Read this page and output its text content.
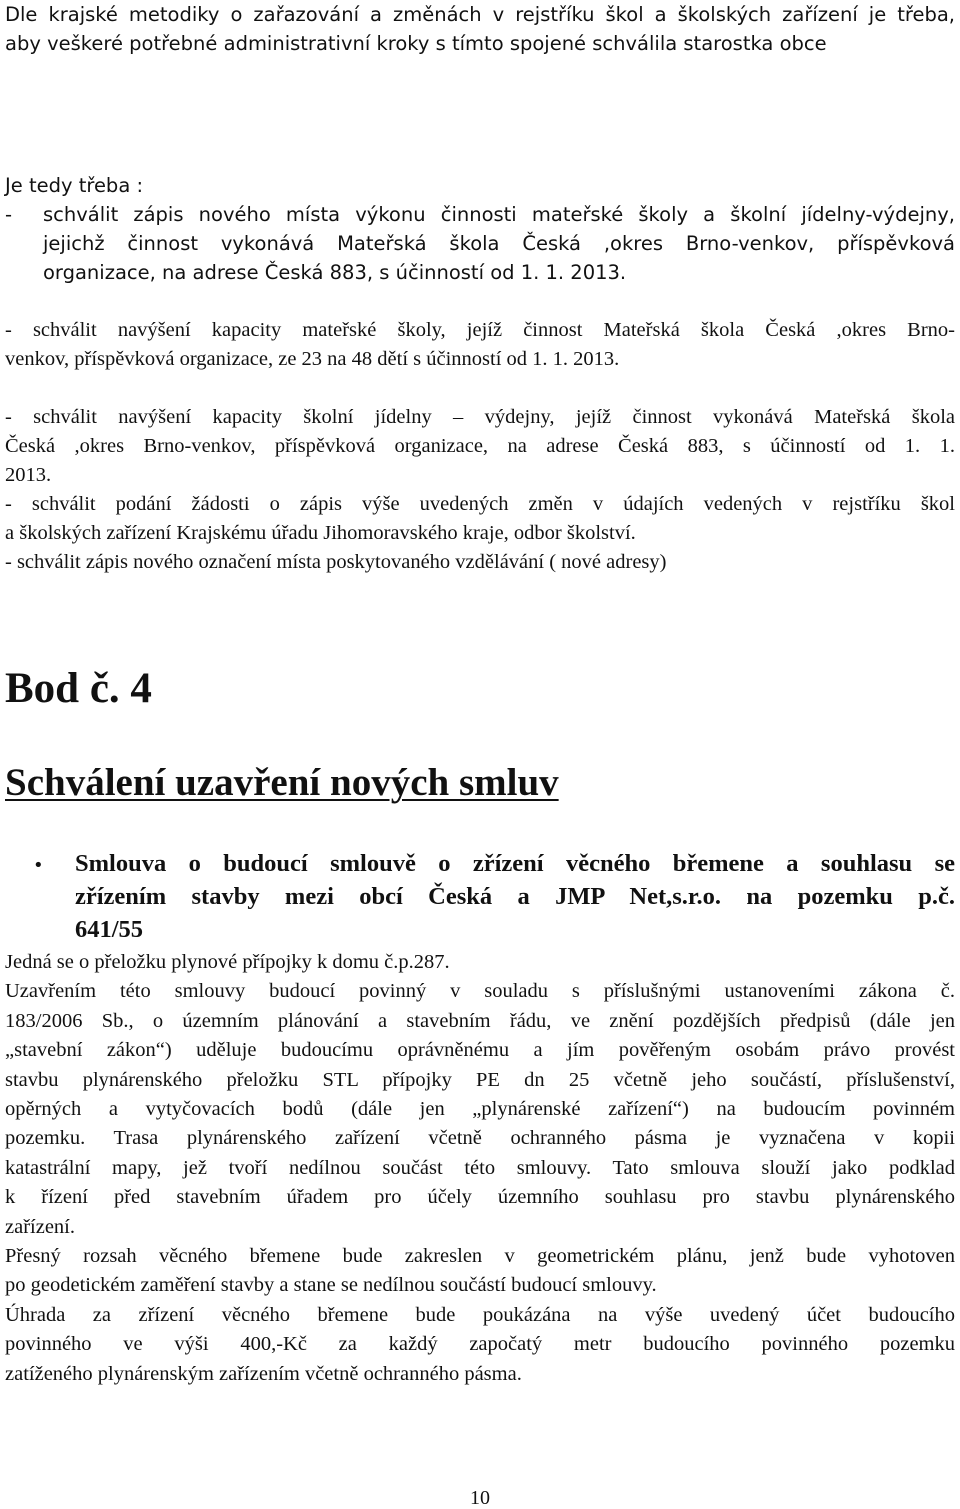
Dle krajské metodiky o zařazování a změnách v rejstříku škol a školských zařízení je třeba,
aby veškeré potřebné administrativní kroky s tímto spojené schválila starostka obce
Je tedy třeba :
-	schválit zápis nového místa výkonu činnosti mateřské školy a školní jídelny-výdejny,
jejichž činnost vykonává Mateřská škola Česká ,okres Brno-venkov, příspěvková
organizace, na adrese Česká 883, s účinností od 1. 1. 2013.
- schválit navýšení kapacity mateřské školy, jejíž činnost Mateřská škola Česká ,okres Brno-
venkov, příspěvková organizace, ze 23 na 48 dětí s účinností od 1. 1. 2013.
- schválit navýšení kapacity školní jídelny – výdejny, jejíž činnost vykonává Mateřská škola
Česká ,okres Brno-venkov, příspěvková organizace, na adrese Česká 883, s účinností od 1. 1.
2013.
- schválit podání žádosti o zápis výše uvedených změn v údajích vedených v rejstříku škol
a školských zařízení Krajskému úřadu Jihomoravského kraje, odbor školství.
- schválit zápis nového označení místa poskytovaného vzdělávání ( nové adresy)
Bod č. 4
Schválení uzavření nových smluv
•	Smlouva o budoucí smlouvě o zřízení věcného břemene a souhlasu se
zřízením stavby mezi obcí Česká a JMP Net,s.r.o. na pozemku p.č.
641/55
Jedná se o přeložku plynové přípojky k domu č.p.287.
Uzavřením této smlouvy budoucí povinný v souladu s příslušnými ustanoveními zákona č.
183/2006 Sb., o územním plánování a stavebním řádu, ve znění pozdějších předpisů (dále jen
„stavební zákon“) uděluje budoucímu oprávněnému a jím pověřeným osobám právo provést
stavbu plynárenského přeložku STL přípojky PE dn 25 včetně jeho součástí, příslušenství,
opěrných a vytyčovacích bodů (dále jen „plynárenské zařízení“) na budoucím povinném
pozemku. Trasa plynárenského zařízení včetně ochranného pásma je vyznačena v kopii
katastrální mapy, jež tvoří nedílnou součást této smlouvy. Tato smlouva slouží jako podklad
k řízení před stavebním úřadem pro účely územního souhlasu pro stavbu plynárenského
zařízení.
Přesný rozsah věcného břemene bude zakreslen v geometrickém plánu, jenž bude vyhotoven
po geodetickém zaměření stavby a stane se nedílnou součástí budoucí smlouvy.
Úhrada za zřízení věcného břemene bude poukázána na výše uvedený účet budoucího
povinného ve výši 400,-Kč za každý započatý metr budoucího povinného pozemku
zatíženého plynárenským zařízením včetně ochranného pásma.
10
